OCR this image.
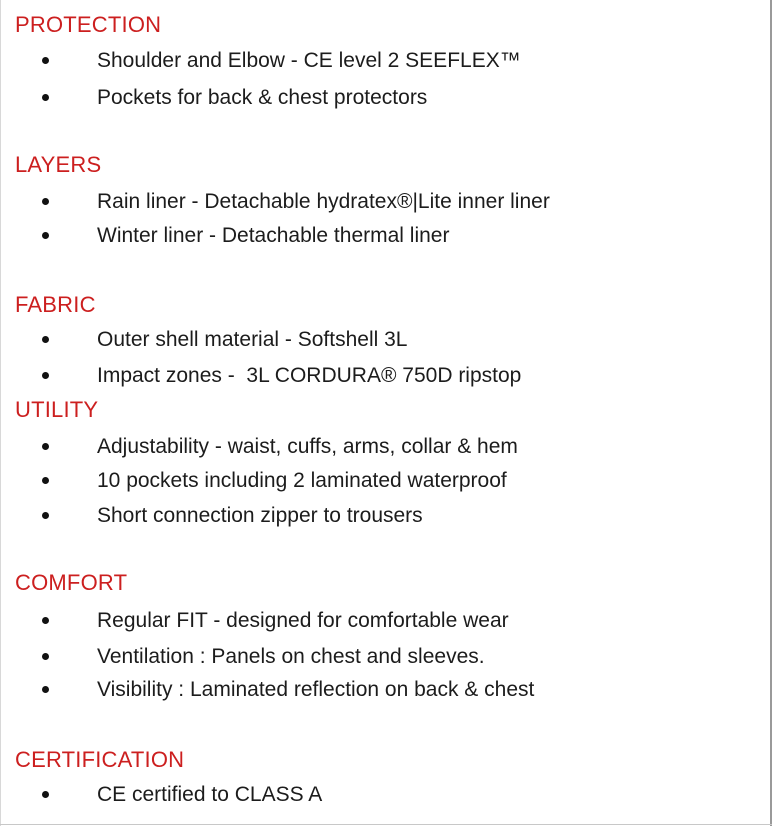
PROTECTION
Shoulder and Elbow - CE level 2 SEEFLEX™
Pockets for back & chest protectors
LAYERS
Rain liner - Detachable hydratex®|Lite inner liner
Winter liner - Detachable thermal liner
FABRIC
Outer shell material - Softshell 3L
Impact zones -  3L CORDURA® 750D ripstop
UTILITY
Adjustability - waist, cuffs, arms, collar & hem
10 pockets including 2 laminated waterproof
Short connection zipper to trousers
COMFORT
Regular FIT - designed for comfortable wear
Ventilation : Panels on chest and sleeves.
Visibility : Laminated reflection on back & chest
CERTIFICATION
CE certified to CLASS A
